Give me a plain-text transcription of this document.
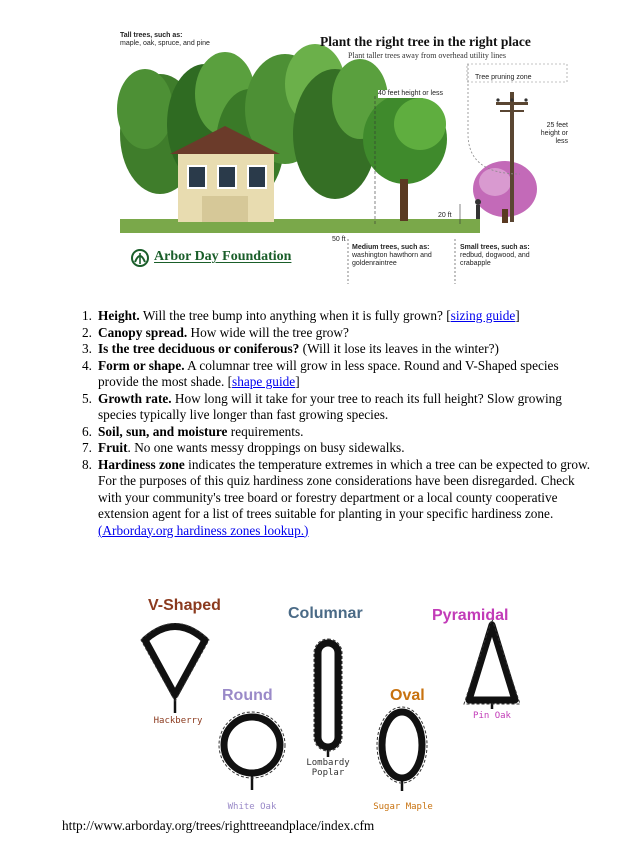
Tall trees, such as:
maple, oak, spruce, and pine	Plant the right tree in the right place
Plant taller trees away from overhead utility lines
40 feet height or less
Tree pruning zone
25 feet height or less
20 ft
50 ft
Medium trees, such as:
washington hawthorn and goldenraintree
Small trees, such as:
redbud, dogwood, and crabapple
Arbor Day Foundation
1. Height. Will the tree bump into anything when it is fully grown? [sizing guide]
2. Canopy spread. How wide will the tree grow?
3. Is the tree deciduous or coniferous? (Will it lose its leaves in the winter?)
4. Form or shape. A columnar tree will grow in less space. Round and V-Shaped species provide the most shade. [shape guide]
5. Growth rate. How long will it take for your tree to reach its full height? Slow growing species typically live longer than fast growing species.
6. Soil, sun, and moisture requirements.
7. Fruit. No one wants messy droppings on busy sidewalks.
8. Hardiness zone indicates the temperature extremes in which a tree can be expected to grow. For the purposes of this quiz hardiness zone considerations have been disregarded. Check with your community's tree board or forestry department or a local county cooperative extension agent for a list of trees suitable for planting in your specific hardiness zone. (Arborday.org hardiness zones lookup.)
V-Shaped	Columnar	Pyramidal
Round	Oval
Hackberry
Lombardy
Poplar
Pin Oak
White Oak	Sugar Maple
http://www.arborday.org/trees/righttreeandplace/index.cfm
